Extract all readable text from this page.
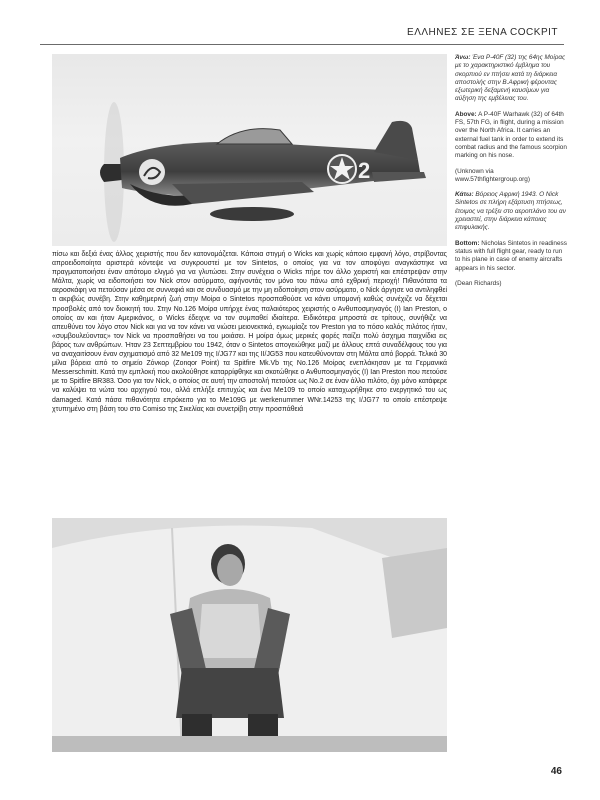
ΕΛΛΗΝΕΣ ΣΕ ΞΕΝΑ COCKPIT
2

Άνω: Ένα P-40F (32) της 64ης Μοίρας με το χαρακτηριστικό έμβλημα του σκορπιού εν πτήσει κατά τη διάρκεια αποστολής στην Β.Αφρική φέροντας εξωτερική δεξαμενή καυσίμων για αύξηση της εμβέλειας του.

Above: A P-40F Warhawk (32) of 64th FS, 57th FG, in flight, during a mission over the North Africa. It carries an external fuel tank in order to extend its combat radius and the famous scorpion marking on his nose.

(Unknown via www.57thfightergroup.org)

Κάτω: Βόρειος Αφρική 1943. Ο Nick Sintetos σε πλήρη εξάρτυση πτήσεως, έτοιμος να τρέξει στο αεροπλάνο του αν χρειαστεί, στην διάρκεια κάποιας επιφυλακής.

Bottom: Nicholas Sintetos in readiness status with full flight gear, ready to run to his plane in case of enemy aircrafts appears in his sector.

(Dean Richards)

πίσω και δεξιά ένας άλλος χειριστής που δεν κατονομάζεται. Κάποια στιγμή ο Wicks και χωρίς κάποιο εμφανή λόγο, στρίβοντας απροειδοποίητα αριστερά κόντεψε να συγκρουστεί με τον Sintetos, ο οποίος για να τον αποφύγει αναγκάστηκε να πραγματοποιήσει έναν απότομο ελιγμό για να γλυτώσει. Στην συνέχεια ο Wicks πήρε τον άλλο χειριστή και επέστρεψαν στην Μάλτα, χωρίς να ειδοποιήσει τον Nick στον ασύρματο, αφήνοντάς τον μόνο του πάνω από εχθρική περιοχή! Πιθανότατα τα αεροσκάφη να πετούσαν μέσα σε συννεφιά και σε συνδυασμό με την μη ειδοποίηση στον ασύρματο, ο Nick άργησε να αντιληφθεί τι ακριβώς συνέβη. Στην καθημερινή ζωή στην Μοίρα ο Sintetos προσπαθούσε να κάνει υπομονή καθώς συνέχιζε να δέχεται προσβολές από τον διοικητή του. Στην No.126 Μοίρα υπήρχε ένας παλαιότερος χειριστής ο Ανθυποσμηναγός (I) Ian Preston, ο οποίος αν και ήταν Αμερικάνος, ο Wicks έδειχνε να τον συμπαθεί ιδιαίτερα. Ειδικότερα μπροστά σε τρίτους, συνήθιζε να απευθύνει τον λόγο στον Nick και για να τον κάνει να νιώσει μειονεκτικά, εγκωμίαζε τον Preston για το πόσο καλός πιλότος ήταν, «συμβουλεύοντας» τον Nick να προσπαθήσει να του μοιάσει. Η μοίρα όμως μερικές φορές παίζει πολύ άσχημα παιχνίδια εις βάρος των ανθρώπων. Ήταν 23 Σεπτεμβρίου του 1942, όταν ο Sintetos απογειώθηκε μαζί με άλλους επτά συναδέλφους του για να αναχαιτίσουν έναν σχηματισμό από 32 Me109 της I/JG77 και της II/JG53 που κατευθύνονταν στη Μάλτα από βορρά. Τελικά 30 μίλια βόρεια από το σημείο Ζόνκορ (Zonqor Point) τα Spitfire Mk.Vb της No.126 Μοίρας ενεπλάκησαν με τα Γερμανικά Messerschmitt. Κατά την εμπλοκή που ακολούθησε καταρρίφθηκε και σκοτώθηκε ο Ανθυποσμηναγός (I) Ian Preston που πετούσε με το Spitfire BR383. Όσο για τον Nick, ο οποίος σε αυτή την αποστολή πετούσε ως No.2 σε έναν άλλο πιλότο, όχι μόνο κατάφερε να καλύψει τα νώτα του αρχηγού του, αλλά επλήξε επιτυχώς και ένα Me109 το οποίο καταχωρήθηκε στο ενεργητικό του ως damaged. Κατά πάσα πιθανότητα επρόκειτο για το Me109G με werkenummer WNr.14253 της I/JG77 το οποίο επέστρεψε χτυπημένο στη βάση του στο Comiso της Σικελίας και συνετρίβη στην προσπάθειά
46
